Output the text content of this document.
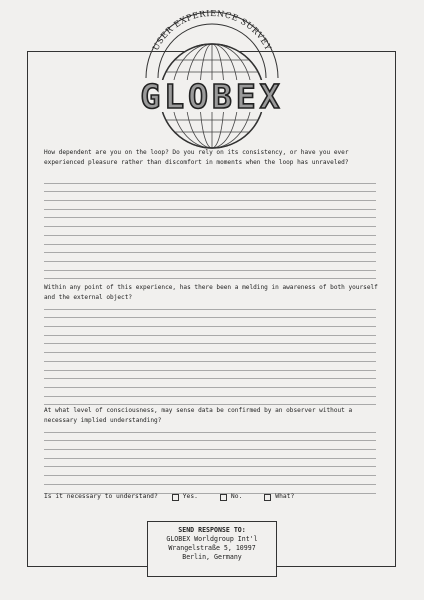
USER EXPERIENCE SURVEY
GLOBEX
How dependent are you on the loop? Do you rely on its consistency, or have you ever experienced pleasure rather than discomfort in moments when the loop has unraveled?
Within any point of this experience, has there been a melding in awareness of both yourself and the external object?
At what level of consciousness, may sense data be confirmed by an observer without a necessary implied understanding?
Is it necessary to understand?	Yes.	No.	What?
SEND RESPONSE TO:
GLOBEX Worldgroup Int'l
Wrangelstraße 5, 10997
Berlin, Germany
